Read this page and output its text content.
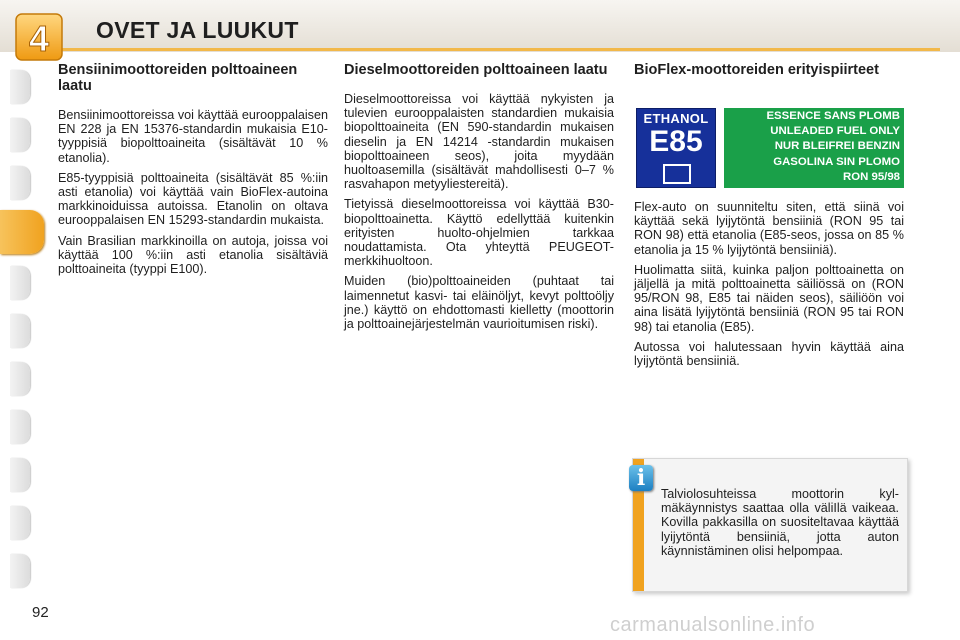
4 OVET JA LUUKUT
Bensiinimoottoreiden polttoaineen laatu

Bensiinimoottoreissa voi käyttää eurooppalaisen EN 228 ja EN 15376-standardin mukaisia E10-tyyppisiä biopolttoaineita (sisältävät 10 % etanolia).

E85-tyyppisiä polttoaineita (sisältävät 85 %:iin asti etanolia) voi käyttää vain BioFlex-autoina markkinoiduissa autoissa. Etanolin on oltava eurooppalaisen EN 15293-standardin mukaista.

Vain Brasilian markkinoilla on autoja, joissa voi käyttää 100 %:iin asti etanolia sisältäviä polttoaineita (tyyppi E100).

Dieselmoottoreiden polttoaineen laatu

Dieselmoottoreissa voi käyttää nykyisten ja tulevien eurooppalaisten standardien mukaisia biopolttoaineita (EN 590-standardin mukaisen dieselin ja EN 14214 -standardin mukaisen biopolttoaineen seos), joita myydään huoltoasemilla (sisältävät mahdollisesti 0–7 % rasvahapon metyyliestereitä).

Tietyissä dieselmoottoreissa voi käyttää B30-biopolttoainetta. Käyttö edellyttää kuitenkin erityisten huolto-ohjelmien tarkkaa noudattamista. Ota yhteyttä PEUGEOT-merkkihuoltoon.

Muiden (bio)polttoaineiden (puhtaat tai laimennetut kasvi- tai eläinöljyt, kevyt polttoöljy jne.) käyttö on ehdottomasti kielletty (moottorin ja polttoainejärjestelmän vaurioitumisen riski).

BioFlex-moottoreiden erityispiirteet
ETHANOL
E85
ESSENCE SANS PLOMB
UNLEADED FUEL ONLY
NUR BLEIFREI BENZIN
GASOLINA SIN PLOMO
RON 95/98

Flex-auto on suunniteltu siten, että siinä voi käyttää sekä lyijytöntä bensiiniä (RON 95 tai RON 98) että etanolia (E85-seos, jossa on 85 % etanolia ja 15 % lyijytöntä bensiiniä).

Huolimatta siitä, kuinka paljon polttoainetta on jäljellä ja mitä polttoainetta säiliössä on (RON 95/RON 98, E85 tai näiden seos), säiliöön voi aina lisätä lyijytöntä bensiiniä (RON 95 tai RON 98) tai etanolia (E85).

Autossa voi halutessaan hyvin käyttää aina lyijytöntä bensiiniä.

i

Talviolosuhteissa moottorin kylmäkäynnistys saattaa olla väliIlä vaikeaa. Kovilla pakkasilla on suositeltavaa käyttää lyijytöntä bensiiniä, jotta auton käynnistäminen olisi helpompaa.

92
carmanualsonline.info
